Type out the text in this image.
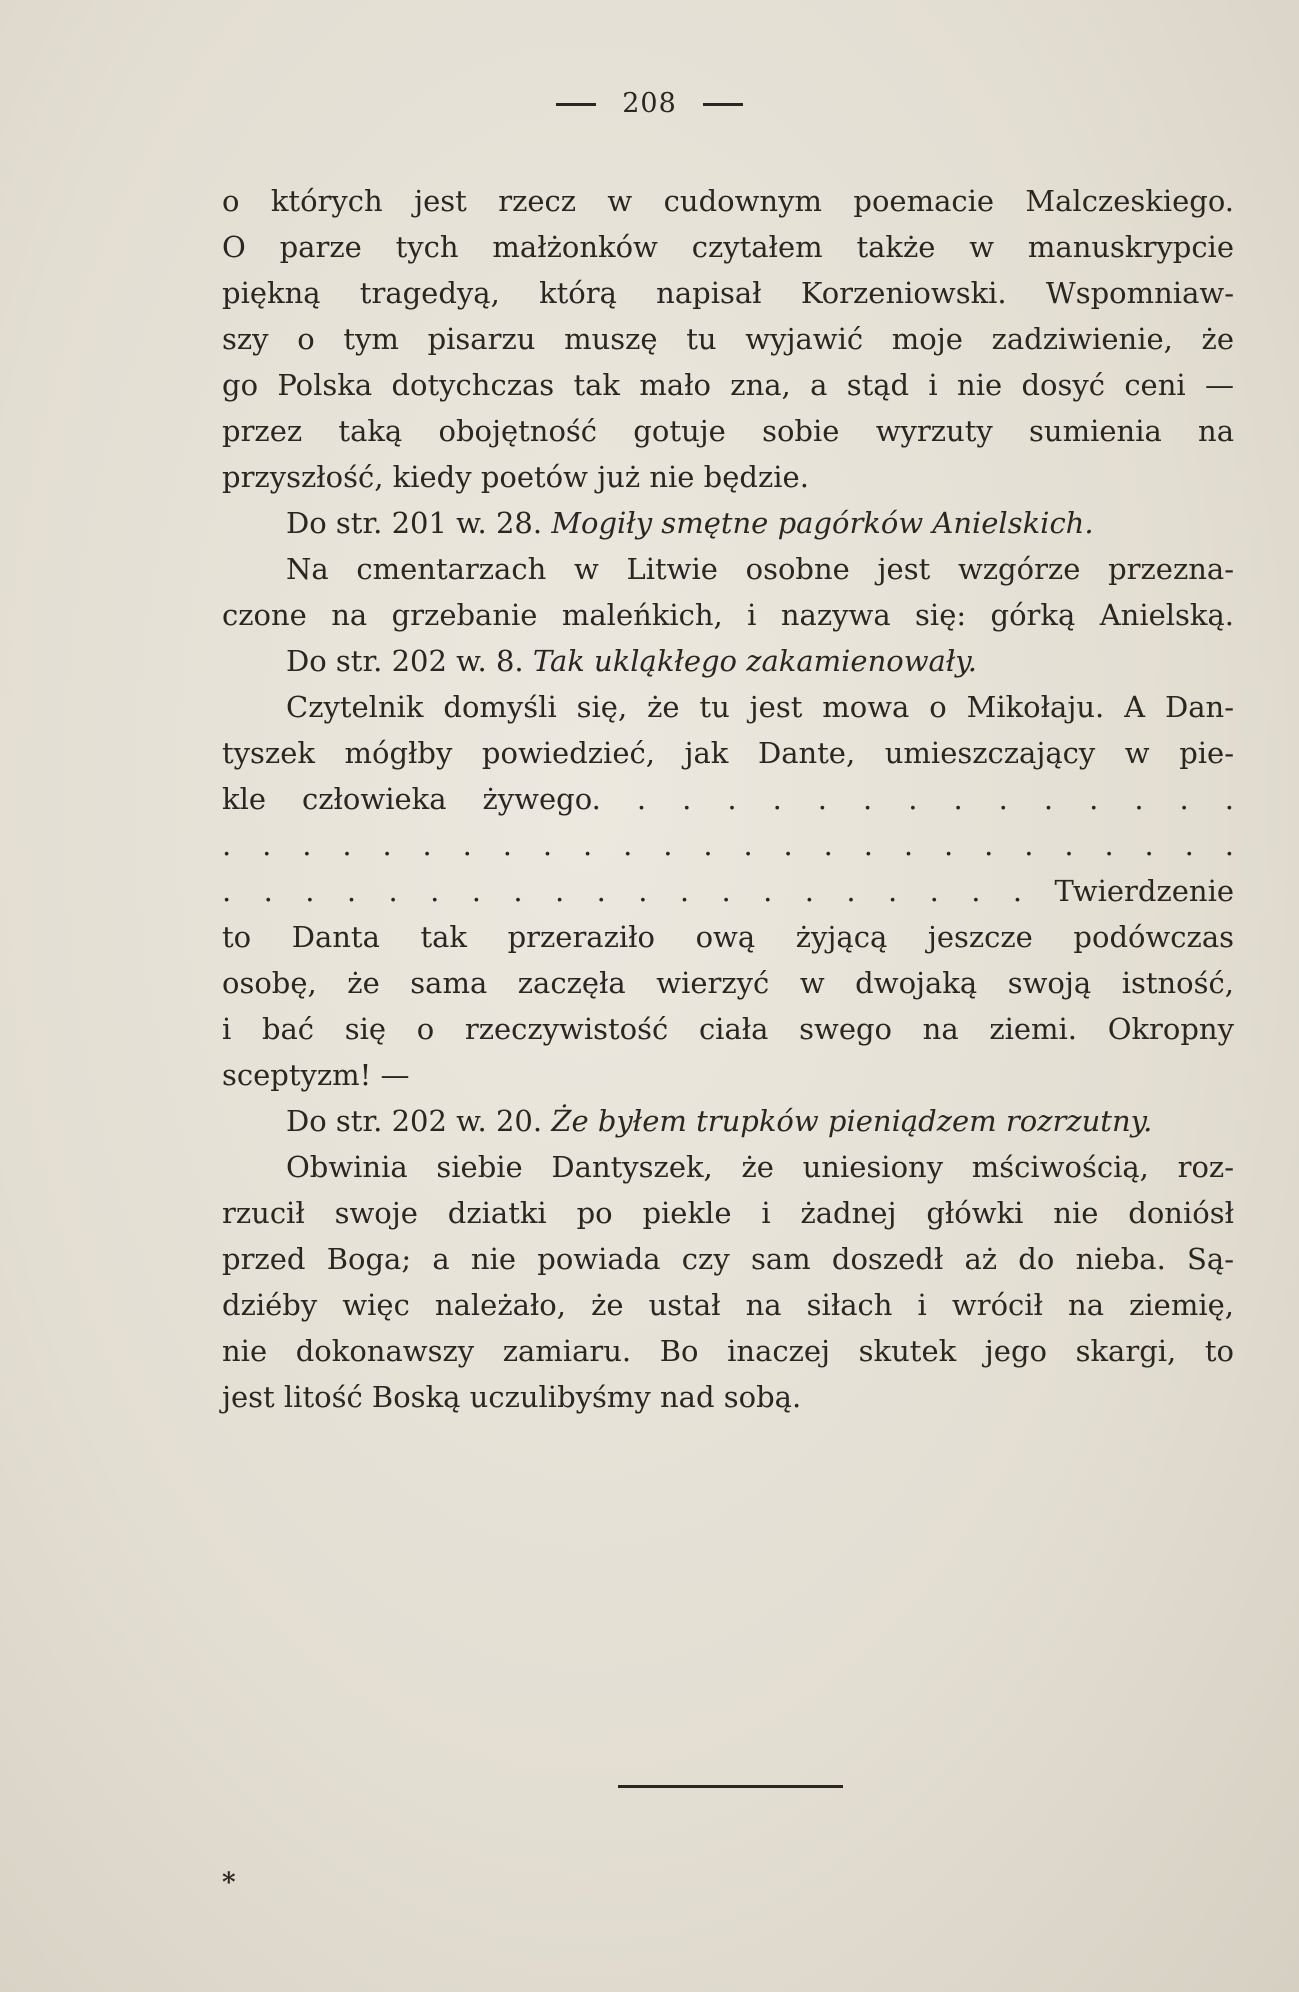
208
o których jest rzecz w cudownym poemacie Malczeskiego.
O parze tych małżonków czytałem także w manuskrypcie
piękną tragedyą, którą napisał Korzeniowski. Wspomniaw-
szy o tym pisarzu muszę tu wyjawić moje zadziwienie, że
go Polska dotychczas tak mało zna, a stąd i nie dosyć ceni —
przez taką obojętność gotuje sobie wyrzuty sumienia na
przyszłość, kiedy poetów już nie będzie.
Do str. 201 w. 28. Mogiły smętne pagórków Anielskich.
Na cmentarzach w Litwie osobne jest wzgórze przezna-
czone na grzebanie maleńkich, i nazywa się: górką Anielską.
Do str. 202 w. 8. Tak ukląkłego zakamienowały.
Czytelnik domyśli się, że tu jest mowa o Mikołaju. A Dan-
tyszek mógłby powiedzieć, jak Dante, umieszczający w pie-
kle człowieka żywego. . . . . . . . . . . . . . .
. . . . . . . . . . . . . . . . . . . . . . . . . .
. . . . . . . . . . . . . . . . . . . . Twierdzenie
to Danta tak przeraziło ową żyjącą jeszcze podówczas
osobę, że sama zaczęła wierzyć w dwojaką swoją istność,
i bać się o rzeczywistość ciała swego na ziemi. Okropny
sceptyzm! —
Do str. 202 w. 20. Że byłem trupków pieniądzem rozrzutny.
Obwinia siebie Dantyszek, że uniesiony mściwością, roz-
rzucił swoje dziatki po piekle i żadnej główki nie doniósł
przed Boga; a nie powiada czy sam doszedł aż do nieba. Są-
dziéby więc należało, że ustał na siłach i wrócił na ziemię,
nie dokonawszy zamiaru. Bo inaczej skutek jego skargi, to
jest litość Boską uczulibyśmy nad sobą.
*
